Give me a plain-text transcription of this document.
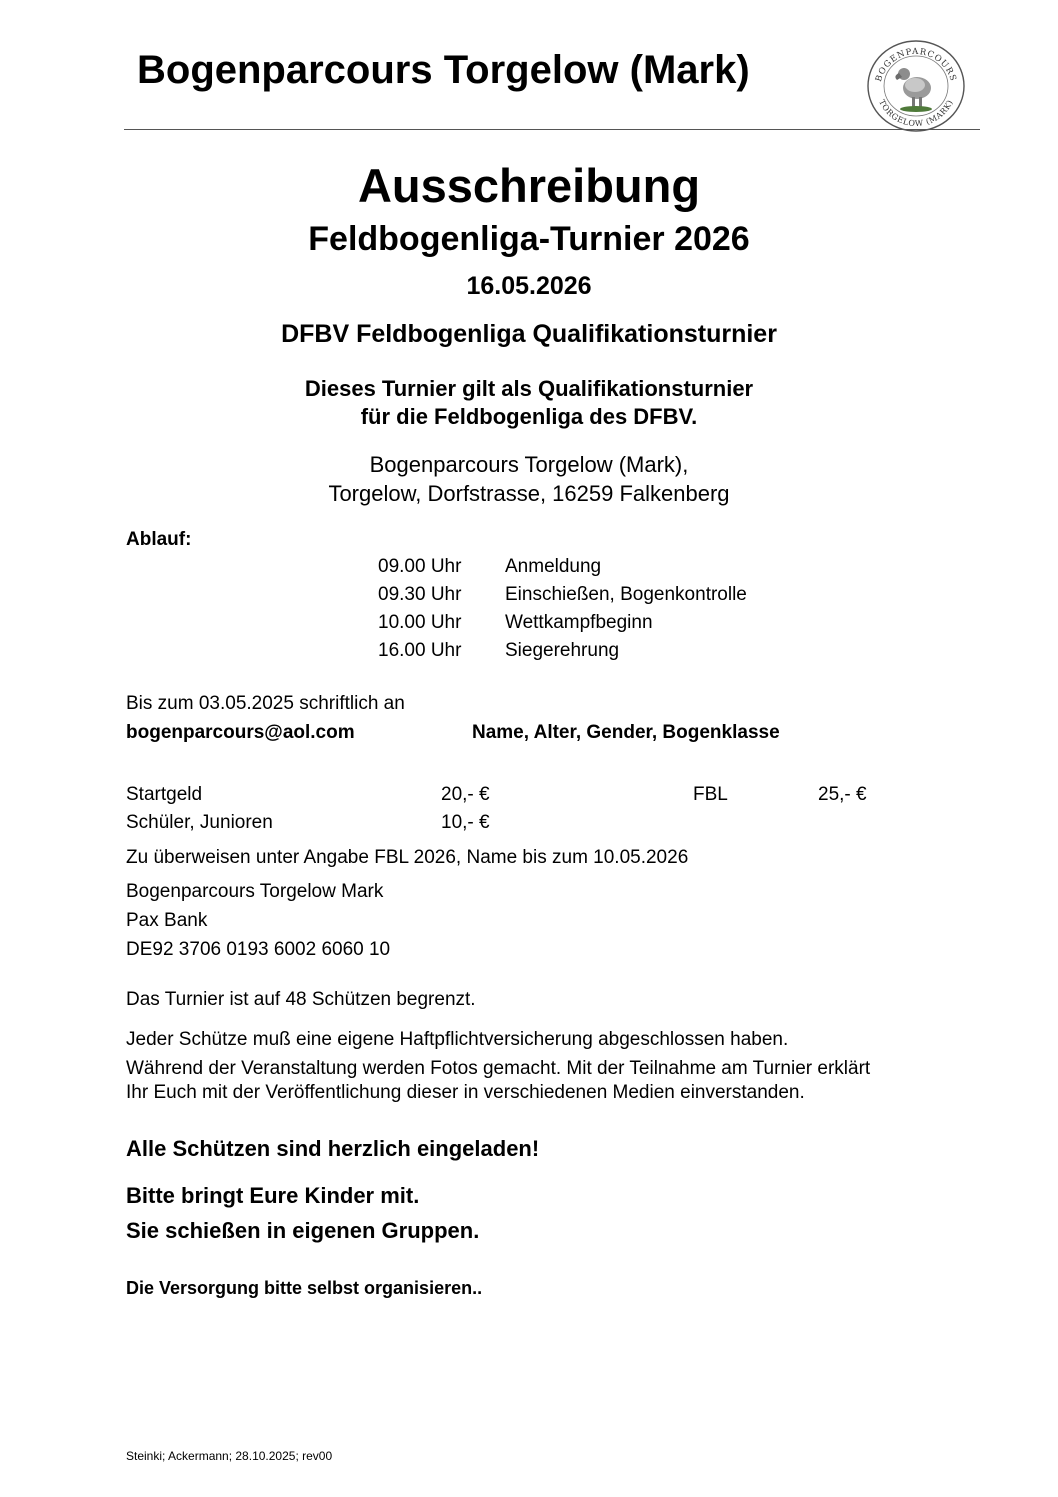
Bogenparcours Torgelow (Mark)	BOGENPARCOURS
TORGELOW (MARK)
Ausschreibung
Feldbogenliga-Turnier 2026
16.05.2026
DFBV Feldbogenliga Qualifikationsturnier
Dieses Turnier gilt als Qualifikationsturnier
für die Feldbogenliga des DFBV.
Bogenparcours Torgelow (Mark),
Torgelow, Dorfstrasse, 16259 Falkenberg
Ablauf:
09.00 Uhr Anmeldung
09.30 Uhr Einschießen, Bogenkontrolle
10.00 Uhr Wettkampfbeginn
16.00 Uhr Siegerehrung
Bis zum 03.05.2025 schriftlich an
bogenparcours@aol.com	Name, Alter, Gender, Bogenklasse
Startgeld	20,- €	FBL	25,- €
Schüler, Junioren	10,- €
Zu überweisen unter Angabe FBL 2026, Name bis zum 10.05.2026
Bogenparcours Torgelow Mark
Pax Bank
DE92 3706 0193 6002 6060 10
Das Turnier ist auf 48 Schützen begrenzt.
Jeder Schütze muß eine eigene Haftpflichtversicherung abgeschlossen haben.
Während der Veranstaltung werden Fotos gemacht. Mit der Teilnahme am Turnier erklärt
Ihr Euch mit der Veröffentlichung dieser in verschiedenen Medien einverstanden.
Alle Schützen sind herzlich eingeladen!
Bitte bringt Eure Kinder mit.
Sie schießen in eigenen Gruppen.
Die Versorgung bitte selbst organisieren..
Steinki; Ackermann; 28.10.2025; rev00
